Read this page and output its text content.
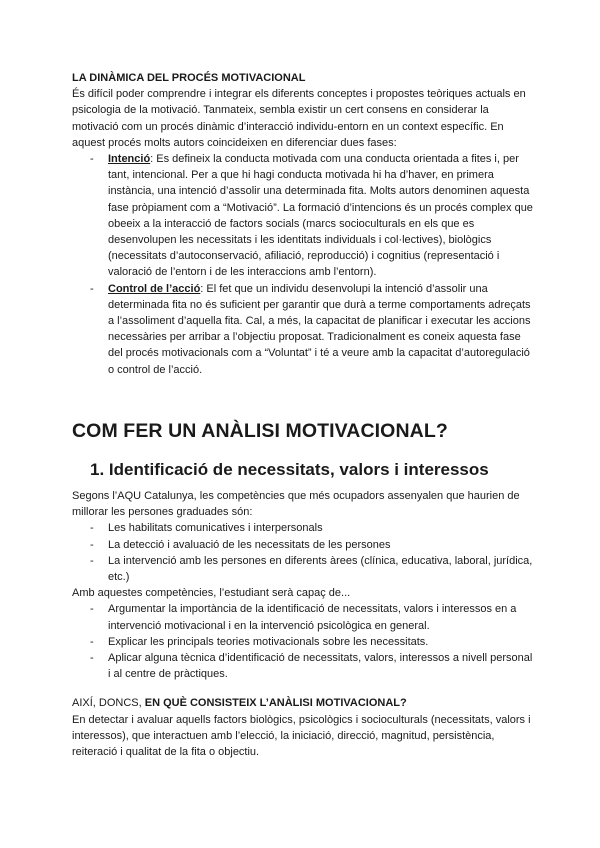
LA DINÀMICA DEL PROCÉS MOTIVACIONAL

És difícil poder comprendre i integrar els diferents conceptes i propostes teòriques actuals en psicologia de la motivació. Tanmateix, sembla existir un cert consens en considerar la motivació com un procés dinàmic d’interacció individu-entorn en un context específic. En aquest procés molts autors coincideixen en diferenciar dues fases:

- Intenció: Es defineix la conducta motivada com una conducta orientada a fites i, per tant, intencional. Per a que hi hagi conducta motivada hi ha d’haver, en primera instància, una intenció d’assolir una determinada fita. Molts autors denominen aquesta fase pròpiament com a “Motivació”. La formació d’intencions és un procés complex que obeeix a la interacció de factors socials (marcs socioculturals en els que es desenvolupen les necessitats i les identitats individuals i col·lectives), biològics (necessitats d’autoconservació, afiliació, reproducció) i cognitius (representació i valoració de l’entorn i de les interaccions amb l’entorn).
- Control de l’acció: El fet que un individu desenvolupi la intenció d’assolir una determinada fita no és suficient per garantir que durà a terme comportaments adreçats a l’assoliment d’aquella fita. Cal, a més, la capacitat de planificar i executar les accions necessàries per arribar a l’objectiu proposat. Tradicionalment es coneix aquesta fase del procés motivacionals com a “Voluntat” i té a veure amb la capacitat d’autoregulació o control de l’acció.
COM FER UN ANÀLISI MOTIVACIONAL?
1. Identificació de necessitats, valors i interessos

Segons l’AQU Catalunya, les competències que més ocupadors assenyalen que haurien de millorar les persones graduades són:

- Les habilitats comunicatives i interpersonals
- La detecció i avaluació de les necessitats de les persones
- La intervenció amb les persones en diferents àrees (clínica, educativa, laboral, jurídica, etc.)

Amb aquestes competències, l’estudiant serà capaç de...

- Argumentar la importància de la identificació de necessitats, valors i interessos en a intervenció motivacional i en la intervenció psicològica en general.
- Explicar les principals teories motivacionals sobre les necessitats.
- Aplicar alguna tècnica d’identificació de necessitats, valors, interessos a nivell personal i al centre de pràctiques.

AIXÍ, DONCS, EN QUÈ CONSISTEIX L’ANÀLISI MOTIVACIONAL?

En detectar i avaluar aquells factors biològics, psicològics i socioculturals (necessitats, valors i interessos), que interactuen amb l’elecció, la iniciació, direcció, magnitud, persistència, reiteració i qualitat de la fita o objectiu.
